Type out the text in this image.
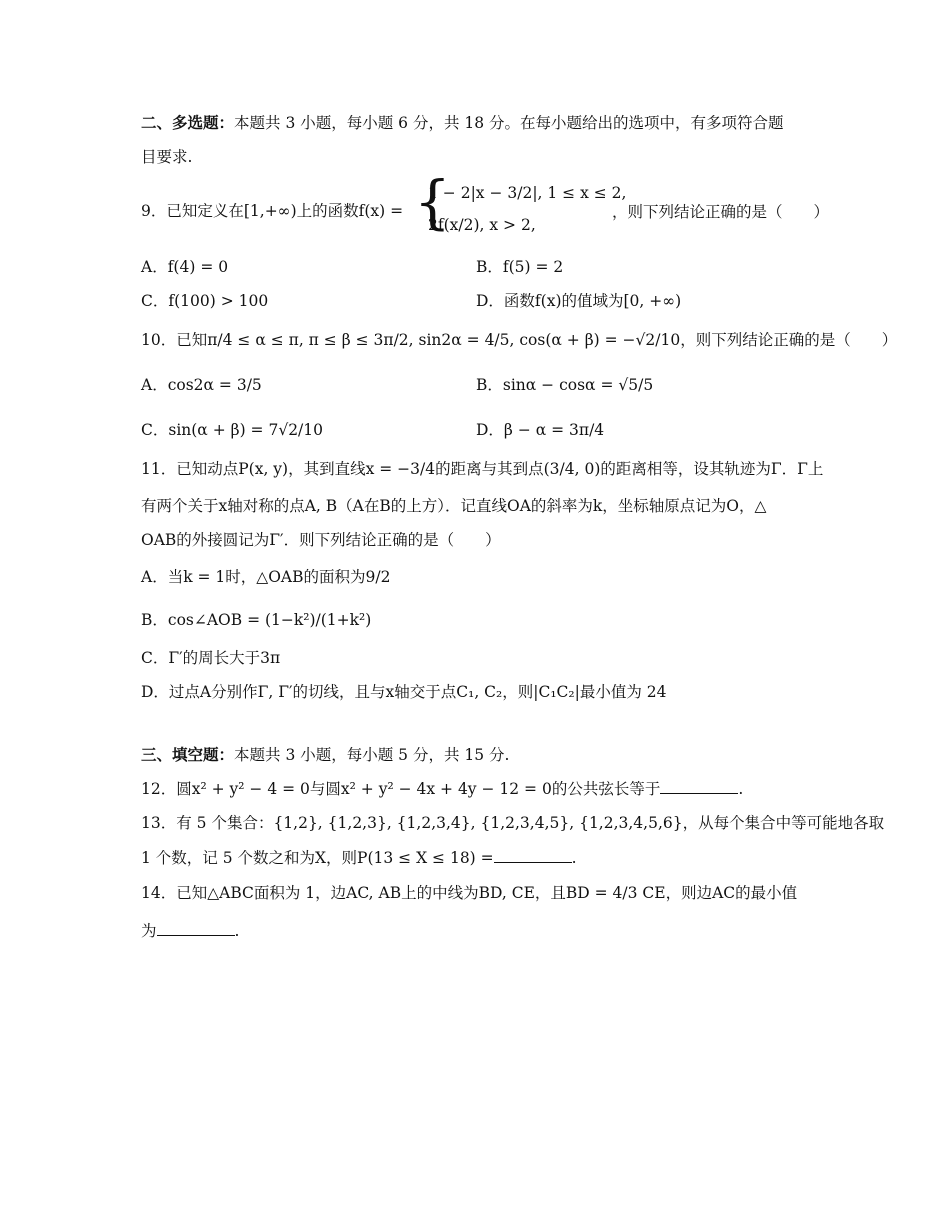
二、多选题：本题共 3 小题，每小题 6 分，共 18 分。在每小题给出的选项中，有多项符合题
目要求.
9．已知定义在[1,+∞)上的函数f(x) = {
1 − 2|x − 3/2|, 1 ≤ x ≤ 2,
2f(x/2), x > 2,
，则下列结论正确的是（　　）
A．f(4) = 0	B．f(5) = 2
C．f(100) > 100	D．函数f(x)的值域为[0, +∞)
10．已知π/4 ≤ α ≤ π, π ≤ β ≤ 3π/2, sin2α = 4/5, cos(α + β) = −√2/10，则下列结论正确的是（　　）
A．cos2α = 3/5	B．sinα − cosα = √5/5
C．sin(α + β) = 7√2/10	D．β − α = 3π/4
11．已知动点P(x, y)，其到直线x = −3/4的距离与其到点(3/4, 0)的距离相等，设其轨迹为Γ．Γ上
有两个关于x轴对称的点A, B（A在B的上方）．记直线OA的斜率为k，坐标轴原点记为O，△
OAB的外接圆记为Γ′．则下列结论正确的是（　　）
A．当k = 1时，△OAB的面积为9/2
B．cos∠AOB = (1−k²)/(1+k²)
C．Γ′的周长大于3π
D．过点A分别作Γ, Γ′的切线，且与x轴交于点C₁, C₂，则|C₁C₂|最小值为 24
三、填空题：本题共 3 小题，每小题 5 分，共 15 分.
12．圆x² + y² − 4 = 0与圆x² + y² − 4x + 4y − 12 = 0的公共弦长等于	.
13．有 5 个集合：{1,2}, {1,2,3}, {1,2,3,4}, {1,2,3,4,5}, {1,2,3,4,5,6}，从每个集合中等可能地各取
1 个数，记 5 个数之和为X，则P(13 ≤ X ≤ 18) =	.
14．已知△ABC面积为 1，边AC, AB上的中线为BD, CE，且BD = 4/3 CE，则边AC的最小值
为	.
